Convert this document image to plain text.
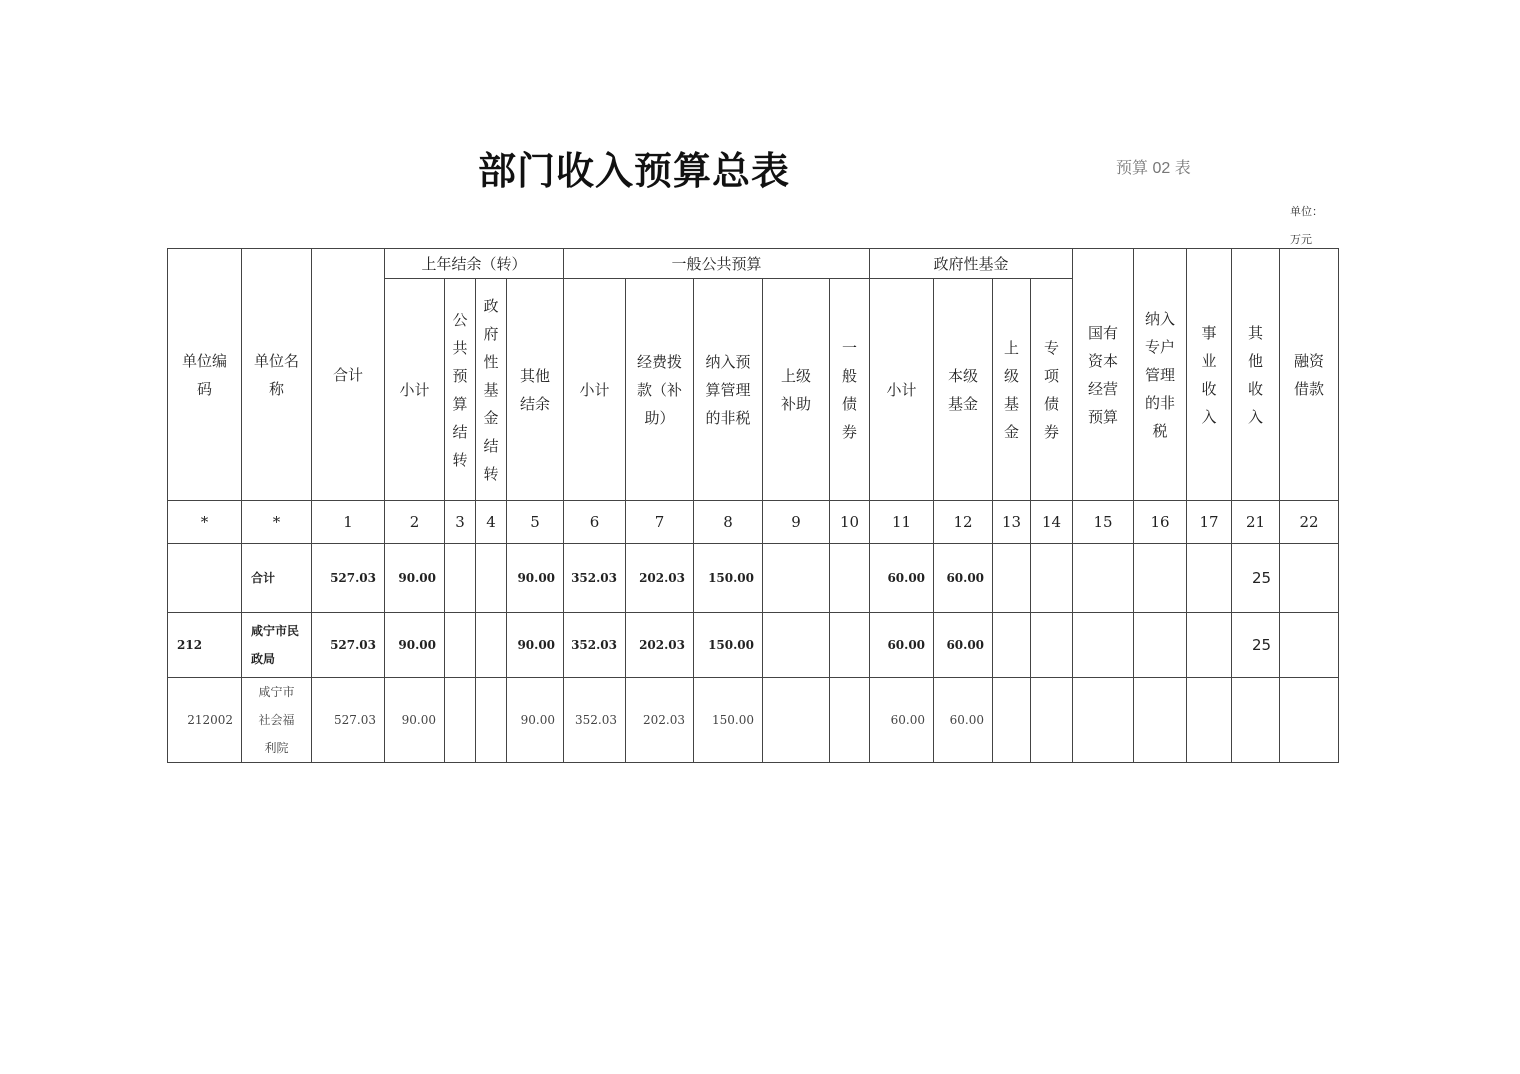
部门收入预算总表	预算 02 表
单位：
万元
单位编码	单位名称	合计	上年结余（转）				一般公共预算					政府性基金				国有资本经营预算	纳入专户管理的非税	事业收入	其他收入	融资借款
			小计	公共预算结转	政府性基金结转	其他结余	小计	经费拨款（补助）	纳入预算管理的非税	上级补助	一般债券	小计	本级基金	上级基金	专项债券					
*	*	1	2	3	4	5	6	7	8	9	10	11	12	13	14	15	16	17	21	22
	合计	527.03	90.00			90.00	352.03	202.03	150.00			60.00	60.00						25	
212	咸宁市民政局	527.03	90.00			90.00	352.03	202.03	150.00			60.00	60.00						25	
212002	咸宁市社会福利院	527.03	90.00			90.00	352.03	202.03	150.00			60.00	60.00							
